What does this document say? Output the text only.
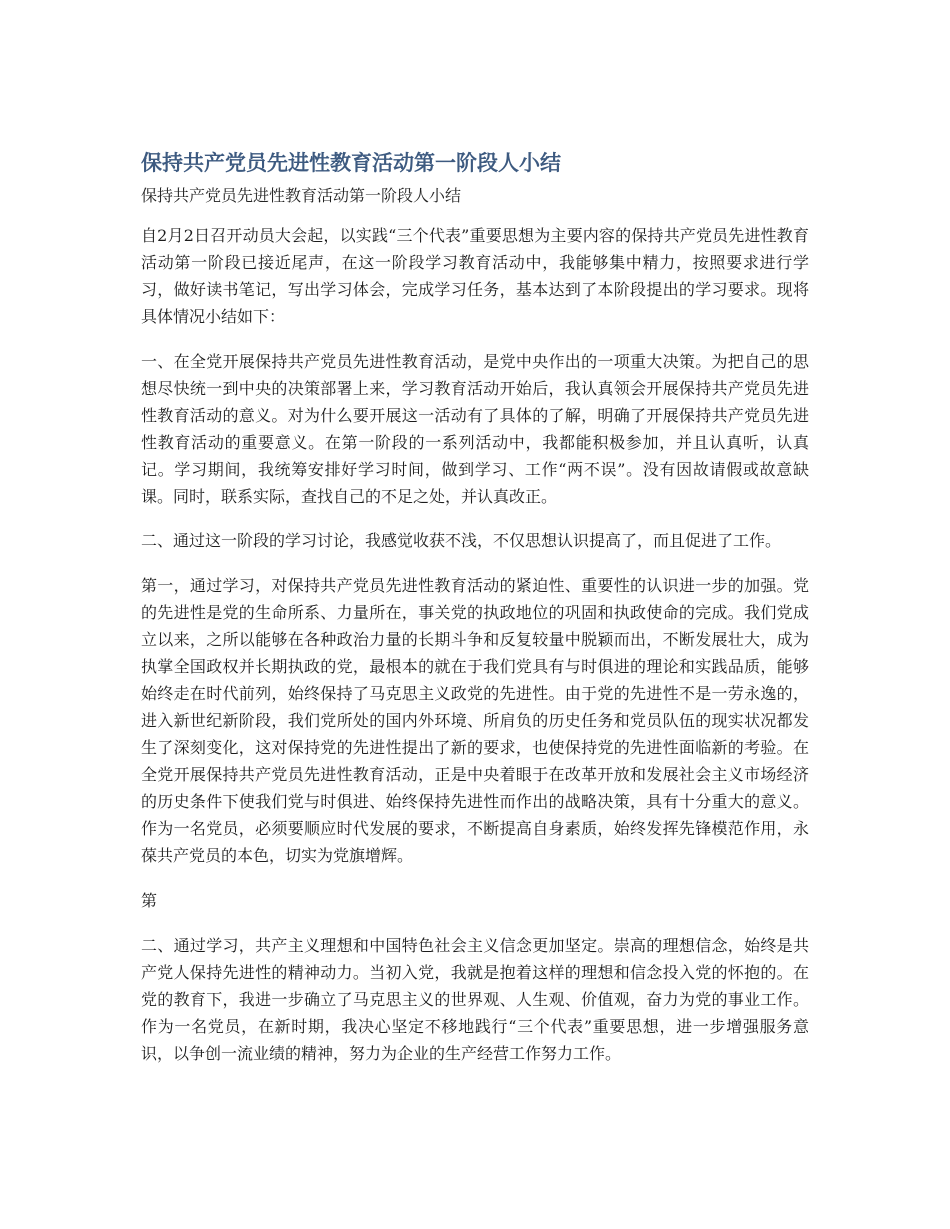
保持共产党员先进性教育活动第一阶段人小结
保持共产党员先进性教育活动第一阶段人小结

自2月2日召开动员大会起，以实践“三个代表”重要思想为主要内容的保持共产党员先进性教育活动第一阶段已接近尾声，在这一阶段学习教育活动中，我能够集中精力，按照要求进行学习，做好读书笔记，写出学习体会，完成学习任务，基本达到了本阶段提出的学习要求。现将具体情况小结如下：

一、在全党开展保持共产党员先进性教育活动，是党中央作出的一项重大决策。为把自己的思想尽快统一到中央的决策部署上来，学习教育活动开始后，我认真领会开展保持共产党员先进性教育活动的意义。对为什么要开展这一活动有了具体的了解，明确了开展保持共产党员先进性教育活动的重要意义。在第一阶段的一系列活动中，我都能积极参加，并且认真听，认真记。学习期间，我统筹安排好学习时间，做到学习、工作“两不误”。没有因故请假或故意缺课。同时，联系实际，查找自己的不足之处，并认真改正。

二、通过这一阶段的学习讨论，我感觉收获不浅，不仅思想认识提高了，而且促进了工作。

第一，通过学习，对保持共产党员先进性教育活动的紧迫性、重要性的认识进一步的加强。党的先进性是党的生命所系、力量所在，事关党的执政地位的巩固和执政使命的完成。我们党成立以来，之所以能够在各种政治力量的长期斗争和反复较量中脱颖而出，不断发展壮大，成为执掌全国政权并长期执政的党，最根本的就在于我们党具有与时俱进的理论和实践品质，能够始终走在时代前列，始终保持了马克思主义政党的先进性。由于党的先进性不是一劳永逸的，进入新世纪新阶段，我们党所处的国内外环境、所肩负的历史任务和党员队伍的现实状况都发生了深刻变化，这对保持党的先进性提出了新的要求，也使保持党的先进性面临新的考验。在全党开展保持共产党员先进性教育活动，正是中央着眼于在改革开放和发展社会主义市场经济的历史条件下使我们党与时俱进、始终保持先进性而作出的战略决策，具有十分重大的意义。作为一名党员，必须要顺应时代发展的要求，不断提高自身素质，始终发挥先锋模范作用，永葆共产党员的本色，切实为党旗增辉。

第

二、通过学习，共产主义理想和中国特色社会主义信念更加坚定。崇高的理想信念，始终是共产党人保持先进性的精神动力。当初入党，我就是抱着这样的理想和信念投入党的怀抱的。在党的教育下，我进一步确立了马克思主义的世界观、人生观、价值观，奋力为党的事业工作。作为一名党员，在新时期，我决心坚定不移地践行“三个代表”重要思想，进一步增强服务意识，以争创一流业绩的精神，努力为企业的生产经营工作努力工作。
